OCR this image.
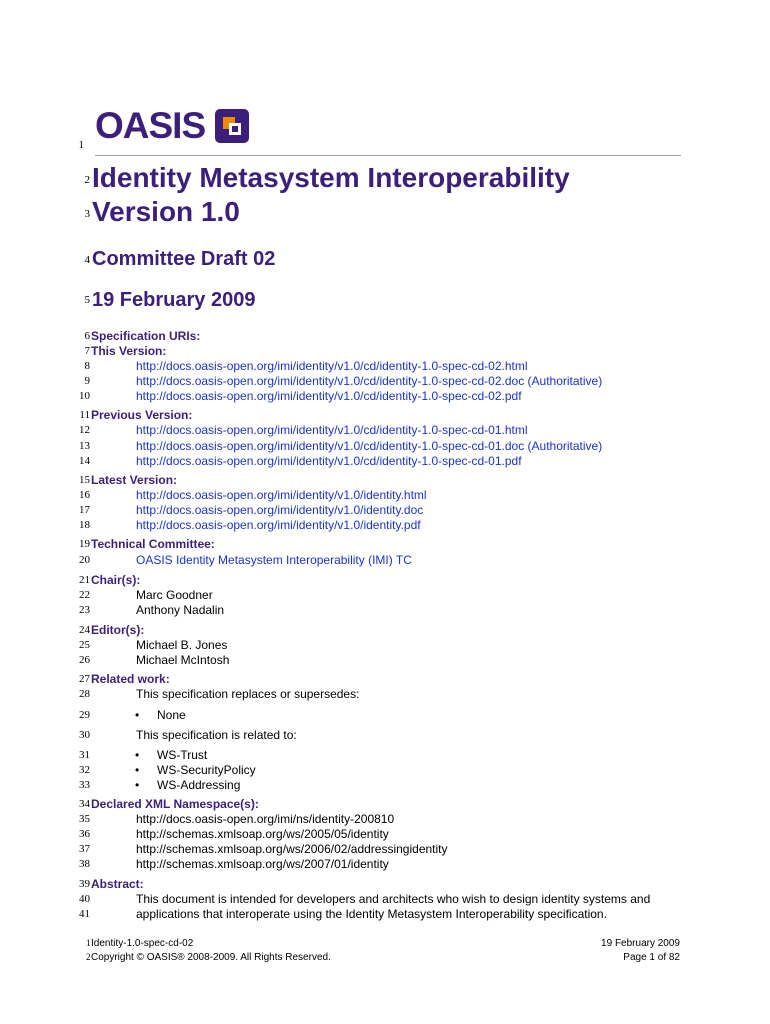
OASIS
1
2
3
4
5
6
7
8
9
10
11
12
13
14
15
16
17
18
19
20
21
22
23
24
25
26
27
28
29
30
31
32
33
34
35
36
37
38
39
40
41
Identity Metasystem Interoperability
Version 1.0
Committee Draft 02
19 February 2009
Specification URIs:
This Version:
http://docs.oasis-open.org/imi/identity/v1.0/cd/identity-1.0-spec-cd-02.html
http://docs.oasis-open.org/imi/identity/v1.0/cd/identity-1.0-spec-cd-02.doc (Authoritative)
http://docs.oasis-open.org/imi/identity/v1.0/cd/identity-1.0-spec-cd-02.pdf
Previous Version:
http://docs.oasis-open.org/imi/identity/v1.0/cd/identity-1.0-spec-cd-01.html
http://docs.oasis-open.org/imi/identity/v1.0/cd/identity-1.0-spec-cd-01.doc (Authoritative)
http://docs.oasis-open.org/imi/identity/v1.0/cd/identity-1.0-spec-cd-01.pdf
Latest Version:
http://docs.oasis-open.org/imi/identity/v1.0/identity.html
http://docs.oasis-open.org/imi/identity/v1.0/identity.doc
http://docs.oasis-open.org/imi/identity/v1.0/identity.pdf
Technical Committee:
OASIS Identity Metasystem Interoperability (IMI) TC
Chair(s):
Marc Goodner
Anthony Nadalin
Editor(s):
Michael B. Jones
Michael McIntosh
Related work:
This specification replaces or supersedes:
• None
This specification is related to:
• WS-Trust
• WS-SecurityPolicy
• WS-Addressing
Declared XML Namespace(s):
http://docs.oasis-open.org/imi/ns/identity-200810
http://schemas.xmlsoap.org/ws/2005/05/identity
http://schemas.xmlsoap.org/ws/2006/02/addressingidentity
http://schemas.xmlsoap.org/ws/2007/01/identity
Abstract:
This document is intended for developers and architects who wish to design identity systems and
applications that interoperate using the Identity Metasystem Interoperability specification.
1
2
Identity-1.0-spec-cd-02
Copyright © OASIS® 2008-2009. All Rights Reserved.
19 February 2009
Page 1 of 82
